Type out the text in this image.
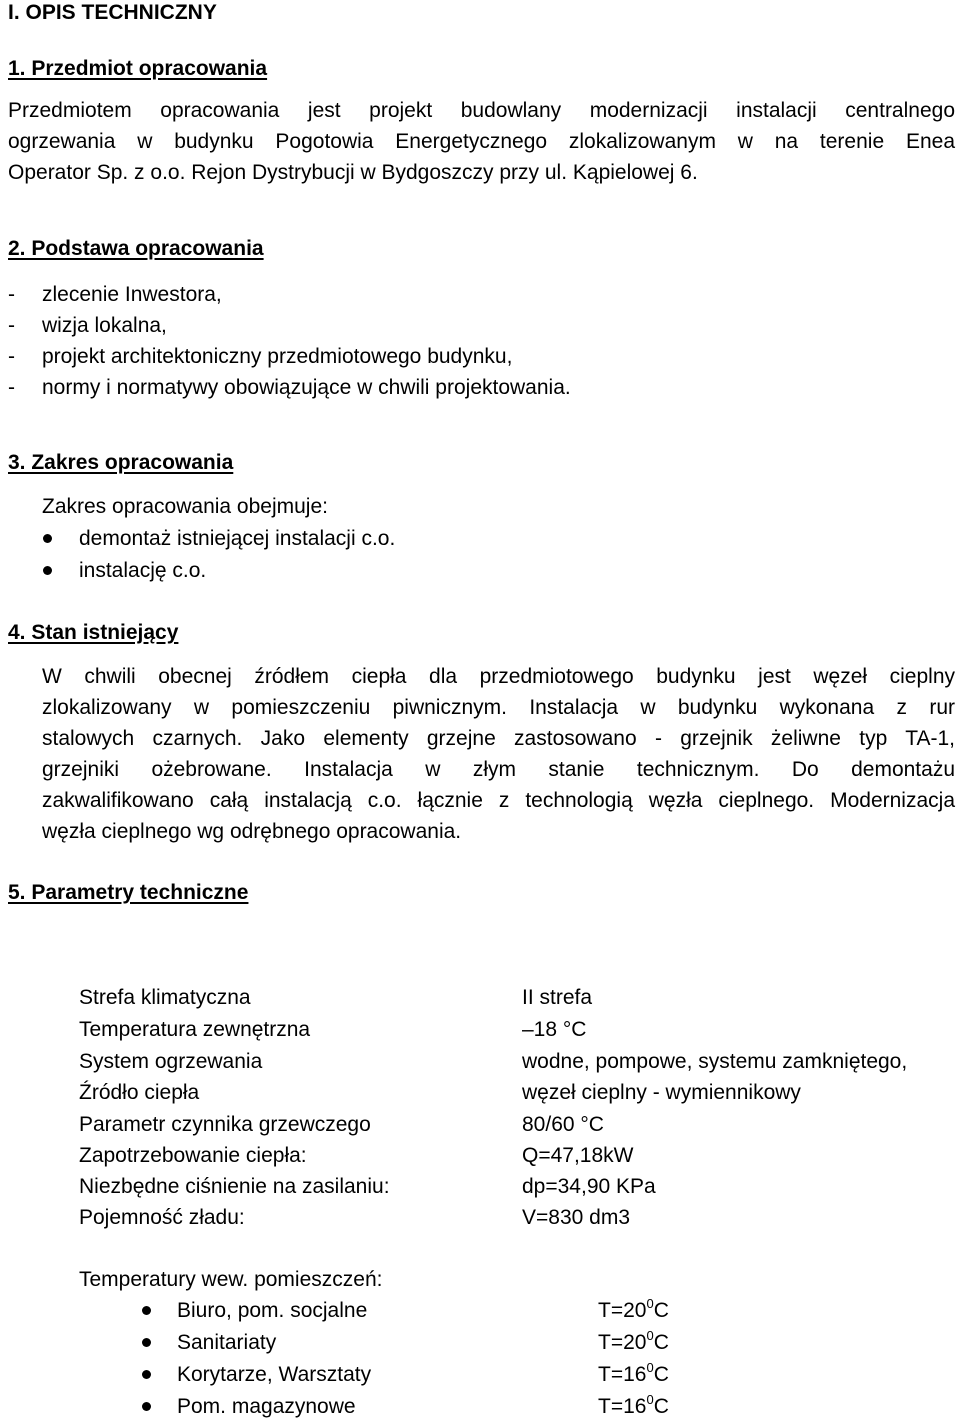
I. OPIS TECHNICZNY
1. Przedmiot opracowania
Przedmiotem opracowania jest projekt budowlany modernizacji instalacji centralnego
ogrzewania w budynku Pogotowia Energetycznego zlokalizowanym w na terenie Enea
Operator Sp. z o.o. Rejon Dystrybucji w Bydgoszczy przy ul. Kąpielowej 6.
2. Podstawa opracowania
- zlecenie Inwestora,
- wizja lokalna,
- projekt architektoniczny przedmiotowego budynku,
- normy i normatywy obowiązujące w chwili projektowania.
3. Zakres opracowania
Zakres opracowania obejmuje:
demontaż istniejącej instalacji c.o.
instalację c.o.
4. Stan istniejący
W chwili obecnej źródłem ciepła dla przedmiotowego budynku jest węzeł cieplny
zlokalizowany w pomieszczeniu piwnicznym. Instalacja w budynku wykonana z rur
stalowych czarnych. Jako elementy grzejne zastosowano - grzejnik żeliwne typ TA-1,
grzejniki ożebrowane. Instalacja w złym stanie technicznym. Do demontażu
zakwalifikowano całą instalacją c.o. łącznie z technologią węzła cieplnego. Modernizacja
węzła cieplnego wg odrębnego opracowania.
5. Parametry techniczne
Strefa klimatyczna	II strefa
Temperatura zewnętrzna	–18 °C
System ogrzewania	wodne, pompowe, systemu zamkniętego,
Źródło ciepła	węzeł cieplny - wymiennikowy
Parametr czynnika grzewczego	80/60 °C
Zapotrzebowanie ciepła:	Q=47,18kW
Niezbędne ciśnienie na zasilaniu:	dp=34,90 KPa
Pojemność zładu:	V=830 dm3
Temperatury wew. pomieszczeń:
Biuro, pom. socjalne	$T=20^0C$
Sanitariaty	$T=20^0C$
Korytarze, Warsztaty	$T=16^0C$
Pom. magazynowe	$T=16^0C$
